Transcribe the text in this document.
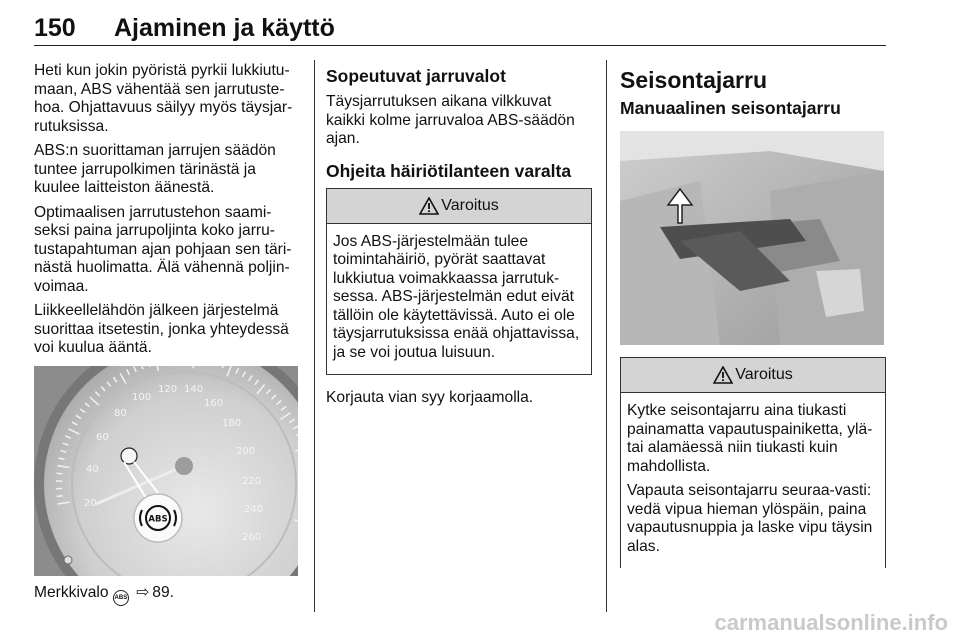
150 Ajaminen ja käyttö

Heti kun jokin pyöristä pyrkii lukkiutu-maan, ABS vähentää sen jarrutuste-hoa. Ohjattavuus säilyy myös täysjar-rutuksissa.

ABS:n suorittaman jarrujen säädön tuntee jarrupolkimen tärinästä ja kuulee laitteiston äänestä.

Optimaalisen jarrutustehon saami-seksi paina jarrupoljinta koko jarru-tustapahtuman ajan pohjaan sen täri-nästä huolimatta. Älä vähennä poljin-voimaa.

Liikkeellelähdön jälkeen järjestelmä suorittaa itsetestin, jonka yhteydessä voi kuulua ääntä.

20
40
60
80
100
120 140
160
180
200
220
240
260
ABS

Merkkivalo ABS ⇨ 89.

Sopeutuvat jarruvalot

Täysjarrutuksen aikana vilkkuvat kaikki kolme jarruvaloa ABS-säädön ajan.

Ohjeita häiriötilanteen varalta
Varoitus

Jos ABS-järjestelmään tulee toimintahäiriö, pyörät saattavat lukkiutua voimakkaassa jarrutuk-sessa. ABS-järjestelmän edut eivät tällöin ole käytettävissä. Auto ei ole täysjarrutuksissa enää ohjattavissa, ja se voi joutua luisuun.

Korjauta vian syy korjaamolla.

Seisontajarru
Manuaalinen seisontajarru
Varoitus

Kytke seisontajarru aina tiukasti painamatta vapautuspainiketta, ylä- tai alamäessä niin tiukasti kuin mahdollista.

Vapauta seisontajarru seuraa-vasti: vedä vipua hieman ylöspäin, paina vapautusnuppia ja laske vipu täysin alas.

carmanualsonline.info
